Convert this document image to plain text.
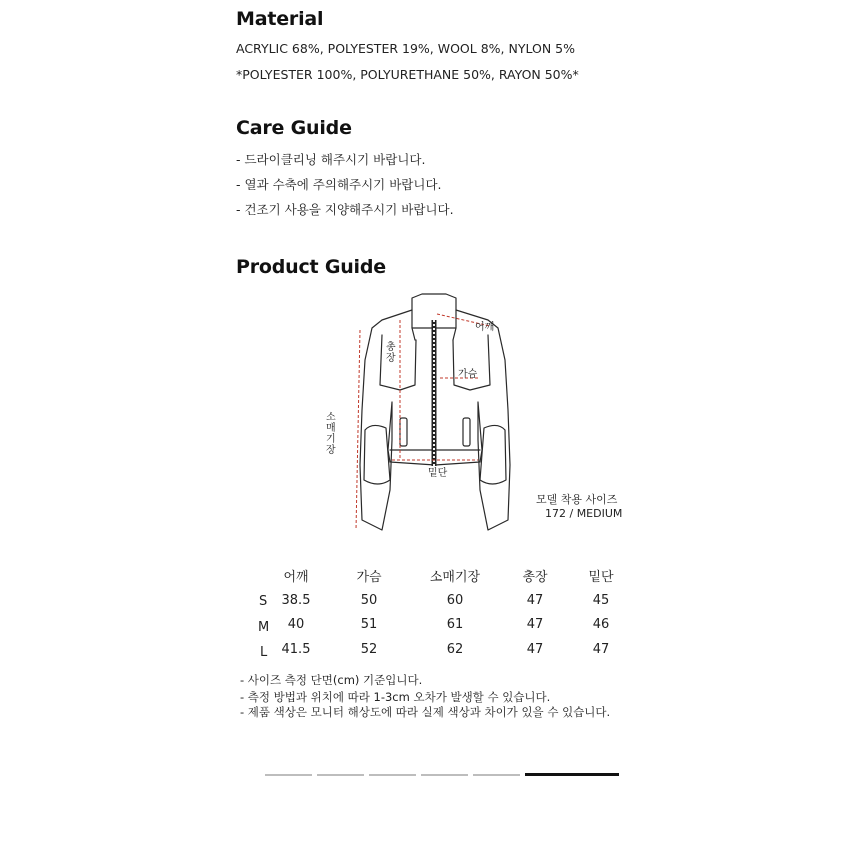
Material
ACRYLIC 68%, POLYESTER 19%, WOOL 8%, NYLON 5%
*POLYESTER 100%, POLYURETHANE 50%, RAYON 50%*
Care Guide
- 드라이클리닝 해주시기 바랍니다.
- 열과 수축에 주의해주시기 바랍니다.
- 건조기 사용을 지양해주시기 바랍니다.
Product Guide
어깨
총장
가슴
소
매
기
장
밑단
모델 착용 사이즈
172 / MEDIUM
어깨	가슴	소매기장	총장	밑단
S	38.5	50	60	47	45
M	40	51	61	47	46
L	41.5	52	62	47	47
- 사이즈 측정 단면(cm) 기준입니다.
- 측정 방법과 위치에 따라 1-3cm 오차가 발생할 수 있습니다.
- 제품 색상은 모니터 해상도에 따라 실제 색상과 차이가 있을 수 있습니다.
